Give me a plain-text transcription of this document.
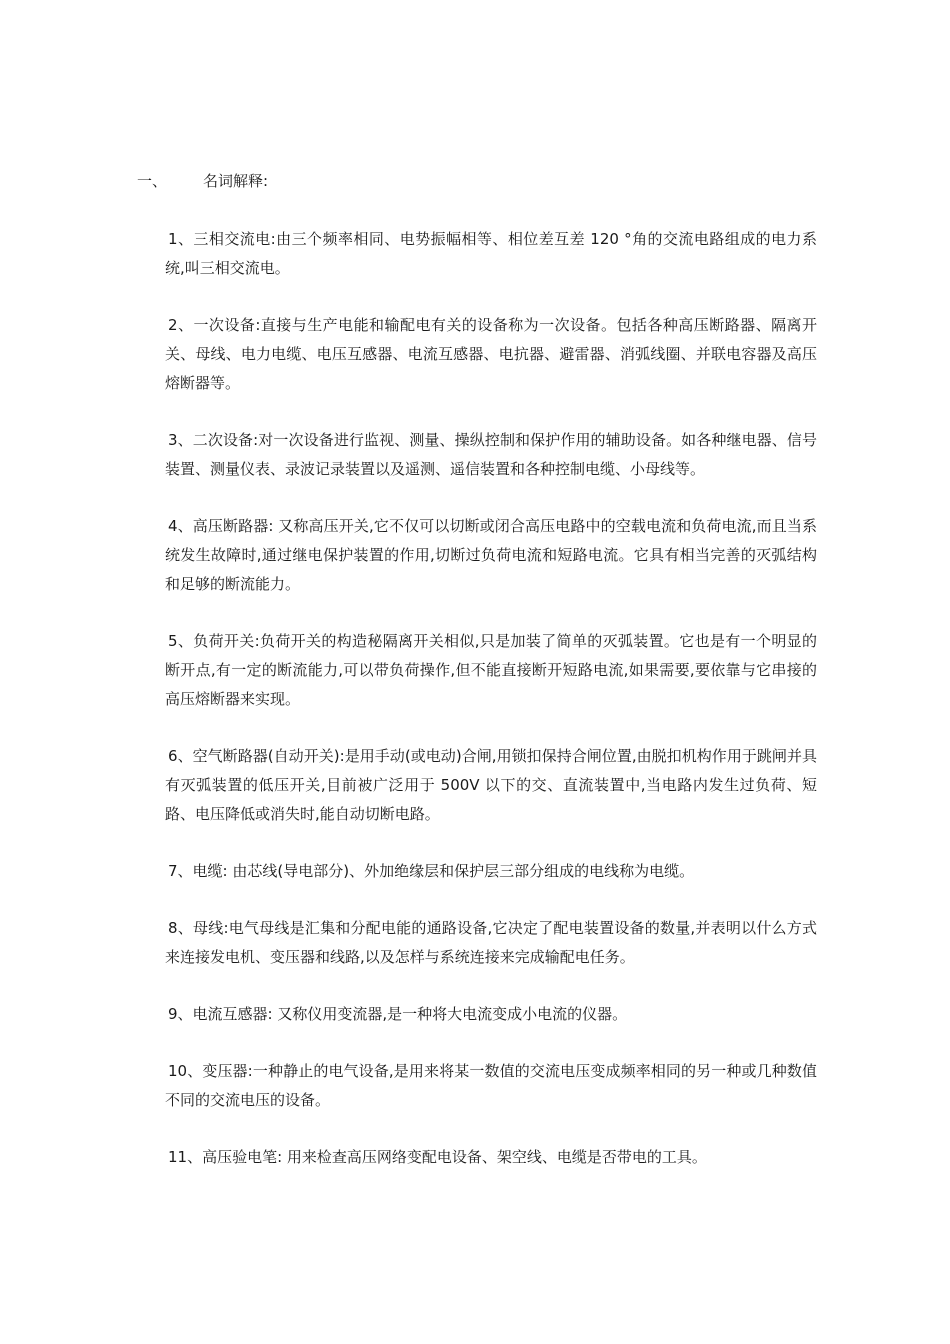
一、 名词解释:

1、三相交流电:由三个频率相同、电势振幅相等、相位差互差 120 °角的交流电路组成的电力系统,叫三相交流电。

2、一次设备:直接与生产电能和输配电有关的设备称为一次设备。包括各种高压断路器、隔离开关、母线、电力电缆、电压互感器、电流互感器、电抗器、避雷器、消弧线圈、并联电容器及高压熔断器等。

3、二次设备:对一次设备进行监视、测量、操纵控制和保护作用的辅助设备。如各种继电器、信号装置、测量仪表、录波记录装置以及遥测、遥信装置和各种控制电缆、小母线等。

4、高压断路器: 又称高压开关,它不仅可以切断或闭合高压电路中的空载电流和负荷电流,而且当系统发生故障时,通过继电保护装置的作用,切断过负荷电流和短路电流。它具有相当完善的灭弧结构和足够的断流能力。

5、负荷开关:负荷开关的构造秘隔离开关相似,只是加装了简单的灭弧装置。它也是有一个明显的断开点,有一定的断流能力,可以带负荷操作,但不能直接断开短路电流,如果需要,要依靠与它串接的高压熔断器来实现。

6、空气断路器(自动开关):是用手动(或电动)合闸,用锁扣保持合闸位置,由脱扣机构作用于跳闸并具有灭弧装置的低压开关,目前被广泛用于 500V 以下的交、直流装置中,当电路内发生过负荷、短路、电压降低或消失时,能自动切断电路。

7、电缆: 由芯线(导电部分)、外加绝缘层和保护层三部分组成的电线称为电缆。

8、母线:电气母线是汇集和分配电能的通路设备,它决定了配电装置设备的数量,并表明以什么方式来连接发电机、变压器和线路,以及怎样与系统连接来完成输配电任务。

9、电流互感器: 又称仪用变流器,是一种将大电流变成小电流的仪器。

10、变压器:一种静止的电气设备,是用来将某一数值的交流电压变成频率相同的另一种或几种数值不同的交流电压的设备。

11、高压验电笔: 用来检查高压网络变配电设备、架空线、电缆是否带电的工具。
